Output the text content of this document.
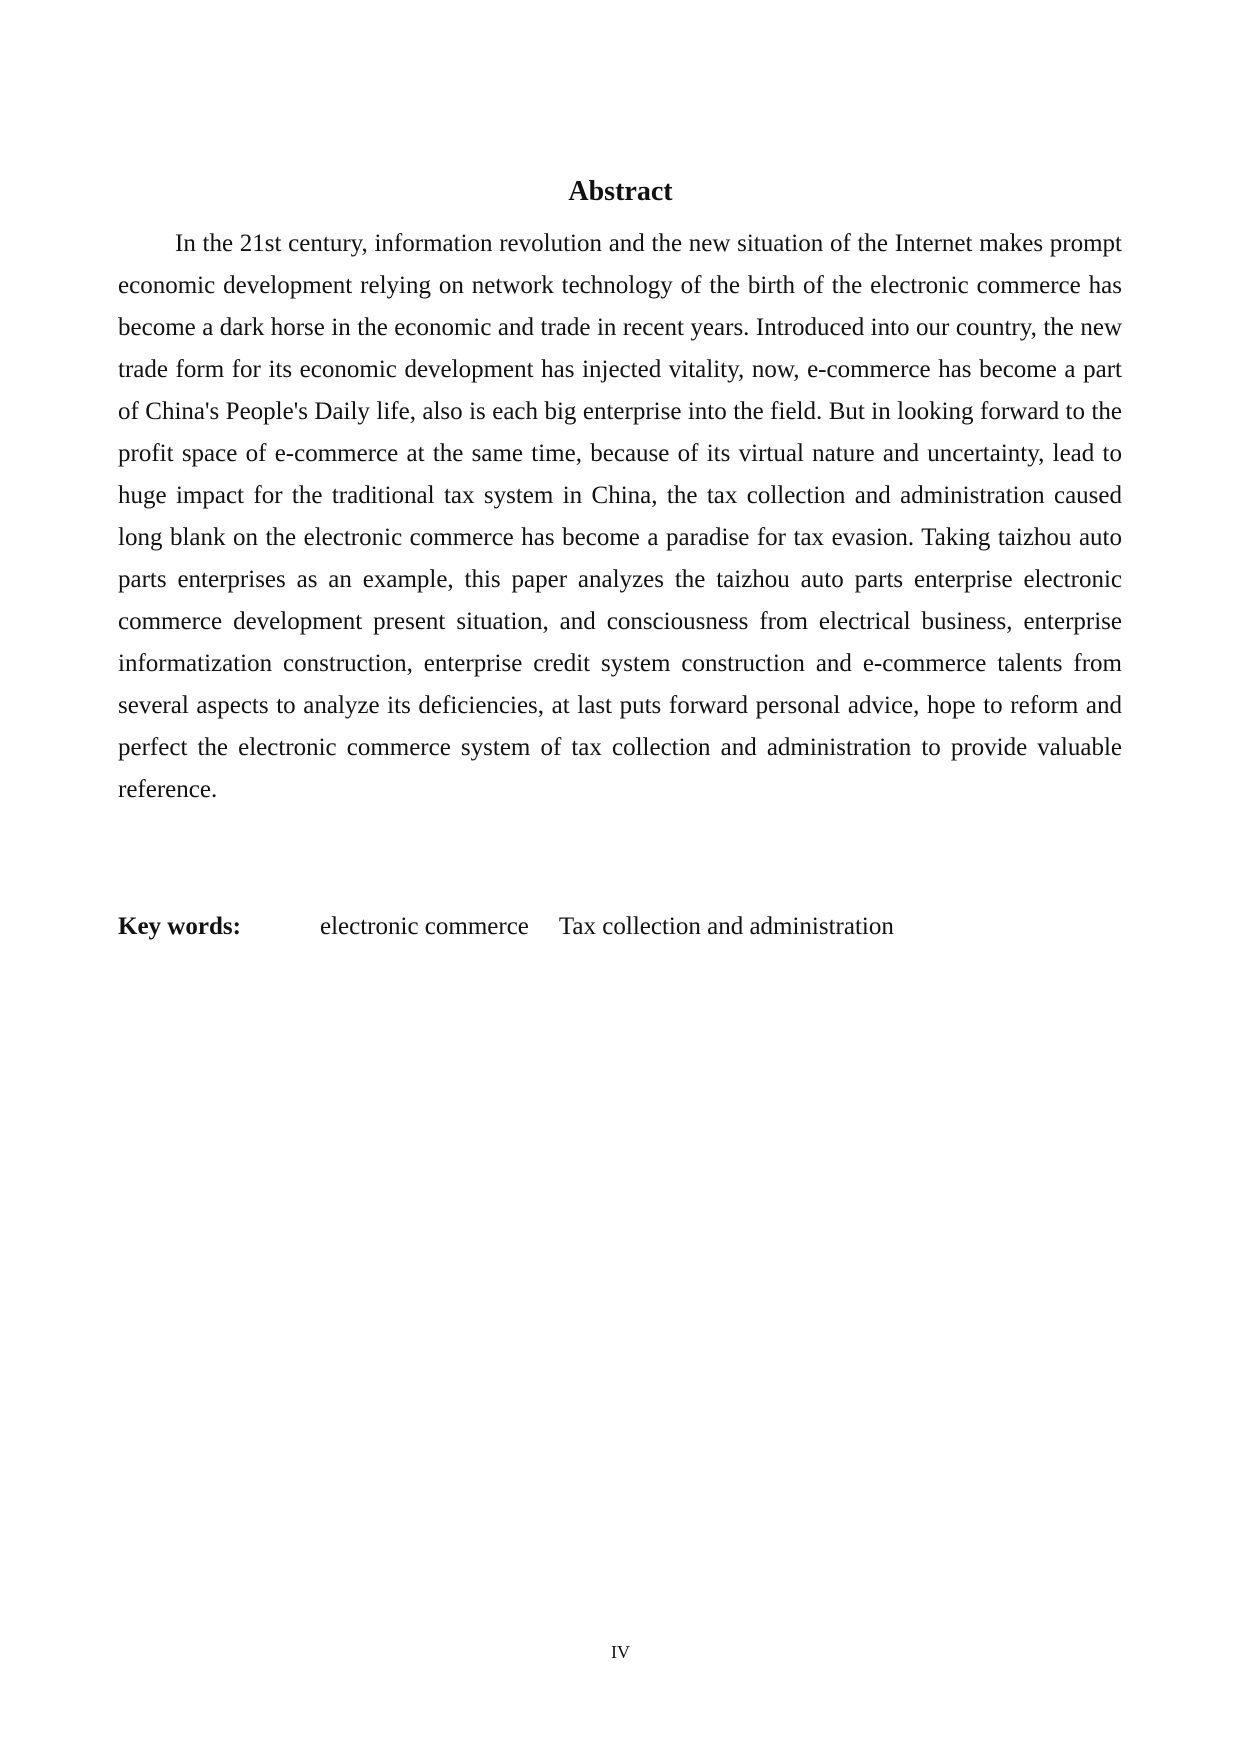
Abstract

In the 21st century, information revolution and the new situation of the Internet makes prompt economic development relying on network technology of the birth of the electronic commerce has become a dark horse in the economic and trade in recent years. Introduced into our country, the new trade form for its economic development has injected vitality, now, e-commerce has become a part of China's People's Daily life, also is each big enterprise into the field. But in looking forward to the profit space of e-commerce at the same time, because of its virtual nature and uncertainty, lead to huge impact for the traditional tax system in China, the tax collection and administration caused long blank on the electronic commerce has become a paradise for tax evasion. Taking taizhou auto parts enterprises as an example, this paper analyzes the taizhou auto parts enterprise electronic commerce development present situation, and consciousness from electrical business, enterprise informatization construction, enterprise credit system construction and e-commerce talents from several aspects to analyze its deficiencies, at last puts forward personal advice, hope to reform and perfect the electronic commerce system of tax collection and administration to provide valuable reference.

Key words:	electronic commerce Tax collection and administration

IV
